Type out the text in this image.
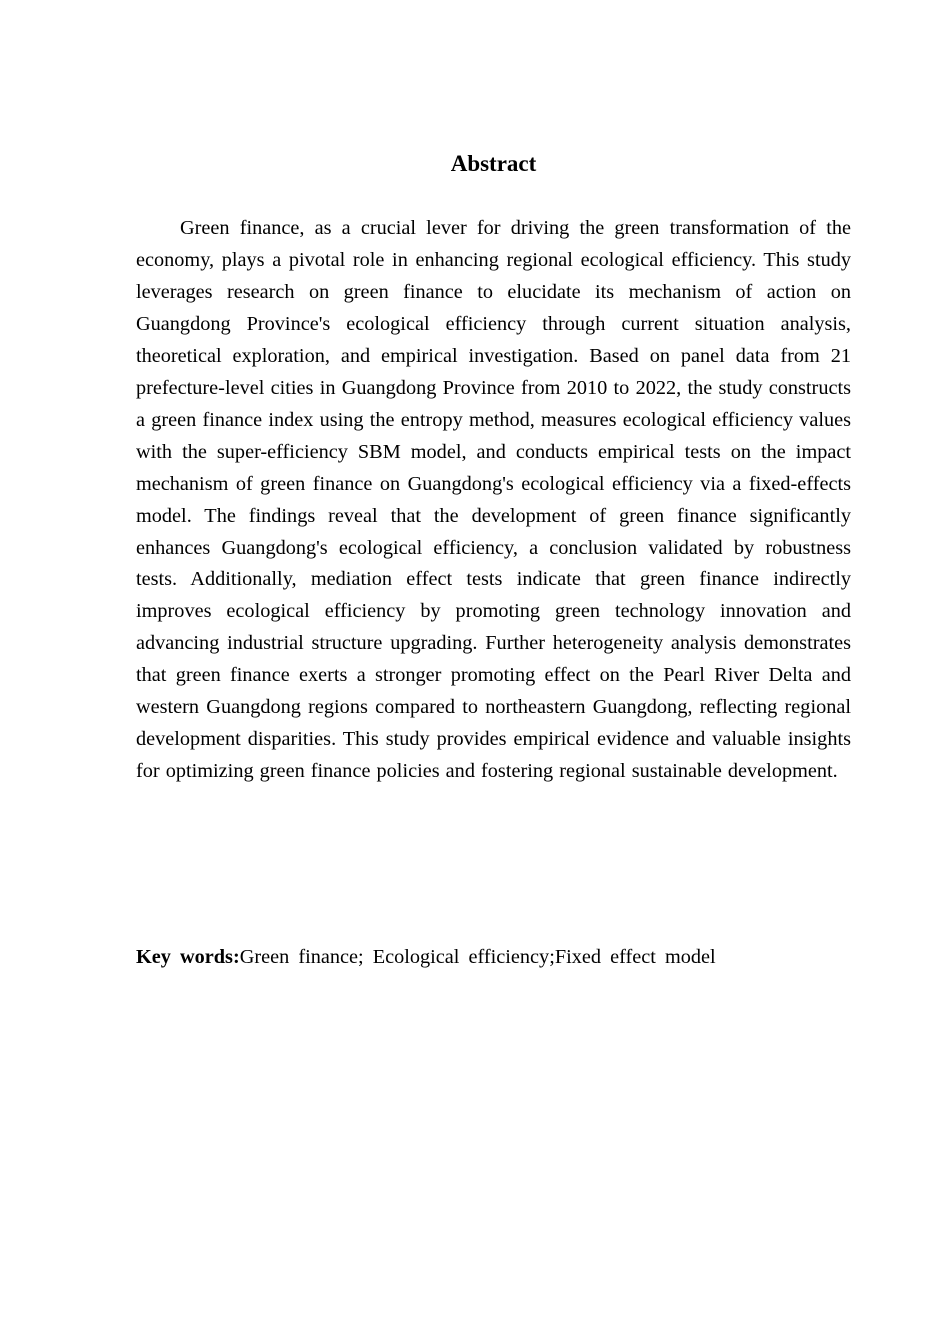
Abstract

Green finance, as a crucial lever for driving the green transformation of the economy, plays a pivotal role in enhancing regional ecological efficiency. This study leverages research on green finance to elucidate its mechanism of action on Guangdong Province's ecological efficiency through current situation analysis, theoretical exploration, and empirical investigation. Based on panel data from 21 prefecture-level cities in Guangdong Province from 2010 to 2022, the study constructs a green finance index using the entropy method, measures ecological efficiency values with the super-efficiency SBM model, and conducts empirical tests on the impact mechanism of green finance on Guangdong's ecological efficiency via a fixed-effects model. The findings reveal that the development of green finance significantly enhances Guangdong's ecological efficiency, a conclusion validated by robustness tests. Additionally, mediation effect tests indicate that green finance indirectly improves ecological efficiency by promoting green technology innovation and advancing industrial structure upgrading. Further heterogeneity analysis demonstrates that green finance exerts a stronger promoting effect on the Pearl River Delta and western Guangdong regions compared to northeastern Guangdong, reflecting regional development disparities. This study provides empirical evidence and valuable insights for optimizing green finance policies and fostering regional sustainable development.

Key words:Green finance; Ecological efficiency;Fixed effect model
